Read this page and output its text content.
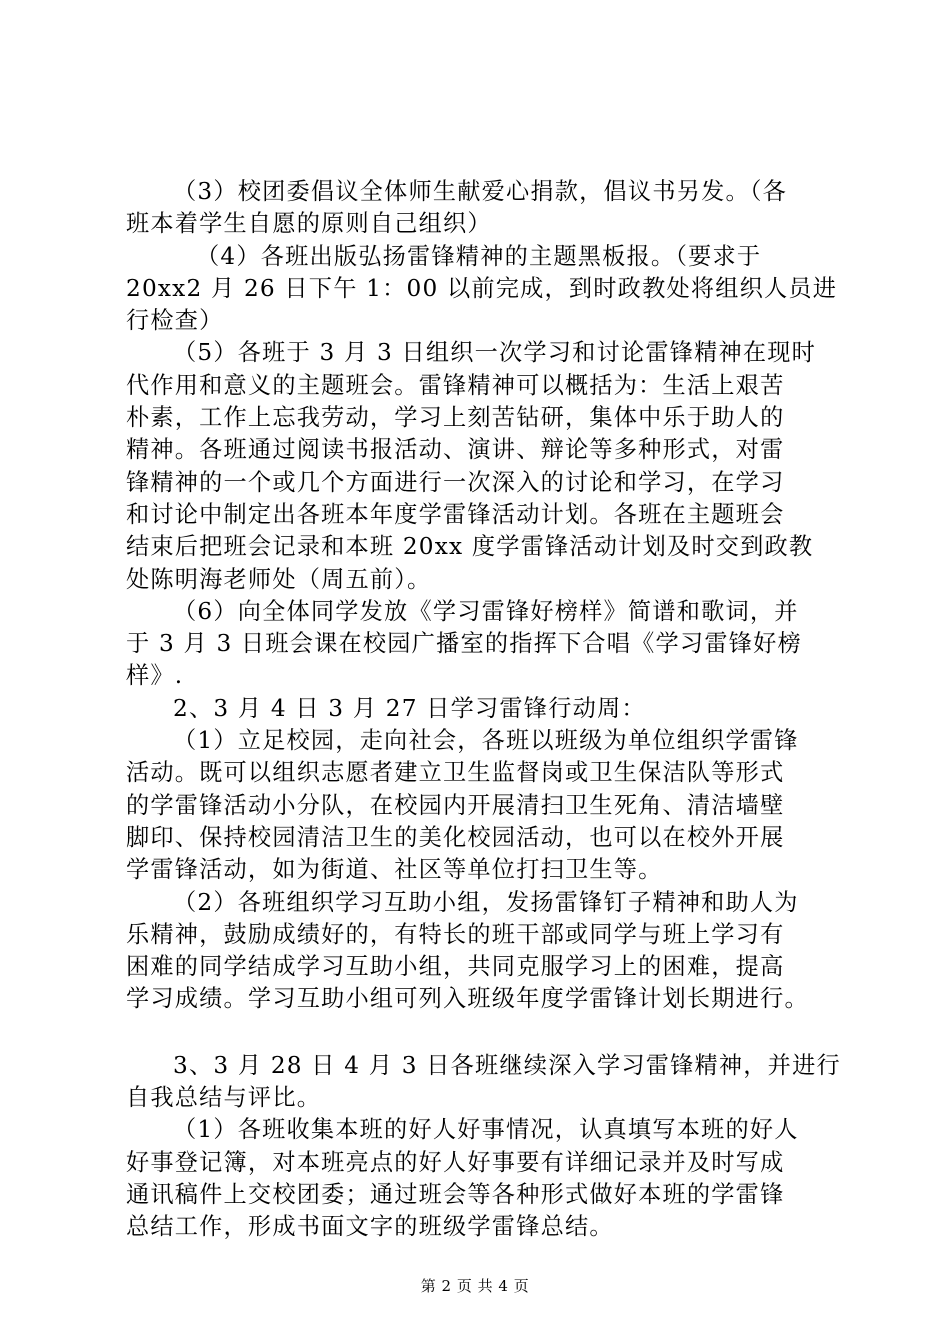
（3）校团委倡议全体师生献爱心捐款，倡议书另发。（各
班本着学生自愿的原则自己组织）
（4）各班出版弘扬雷锋精神的主题黑板报。（要求于
20xx2 月 26 日下午 1：00 以前完成，到时政教处将组织人员进
行检查）
（5）各班于 3 月 3 日组织一次学习和讨论雷锋精神在现时
代作用和意义的主题班会。雷锋精神可以概括为：生活上艰苦
朴素，工作上忘我劳动，学习上刻苦钻研，集体中乐于助人的
精神。各班通过阅读书报活动、演讲、辩论等多种形式，对雷
锋精神的一个或几个方面进行一次深入的讨论和学习，在学习
和讨论中制定出各班本年度学雷锋活动计划。各班在主题班会
结束后把班会记录和本班 20xx 度学雷锋活动计划及时交到政教
处陈明海老师处（周五前）。
（6）向全体同学发放《学习雷锋好榜样》简谱和歌词，并
于 3 月 3 日班会课在校园广播室的指挥下合唱《学习雷锋好榜
样》.
2、3 月 4 日 3 月 27 日学习雷锋行动周：
（1）立足校园，走向社会，各班以班级为单位组织学雷锋
活动。既可以组织志愿者建立卫生监督岗或卫生保洁队等形式
的学雷锋活动小分队，在校园内开展清扫卫生死角、清洁墙壁
脚印、保持校园清洁卫生的美化校园活动，也可以在校外开展
学雷锋活动，如为街道、社区等单位打扫卫生等。
（2）各班组织学习互助小组，发扬雷锋钉子精神和助人为
乐精神，鼓励成绩好的，有特长的班干部或同学与班上学习有
困难的同学结成学习互助小组，共同克服学习上的困难，提高
学习成绩。学习互助小组可列入班级年度学雷锋计划长期进行。
3、3 月 28 日 4 月 3 日各班继续深入学习雷锋精神，并进行
自我总结与评比。
（1）各班收集本班的好人好事情况，认真填写本班的好人
好事登记簿，对本班亮点的好人好事要有详细记录并及时写成
通讯稿件上交校团委；通过班会等各种形式做好本班的学雷锋
总结工作，形成书面文字的班级学雷锋总结。
第 2 页 共 4 页
